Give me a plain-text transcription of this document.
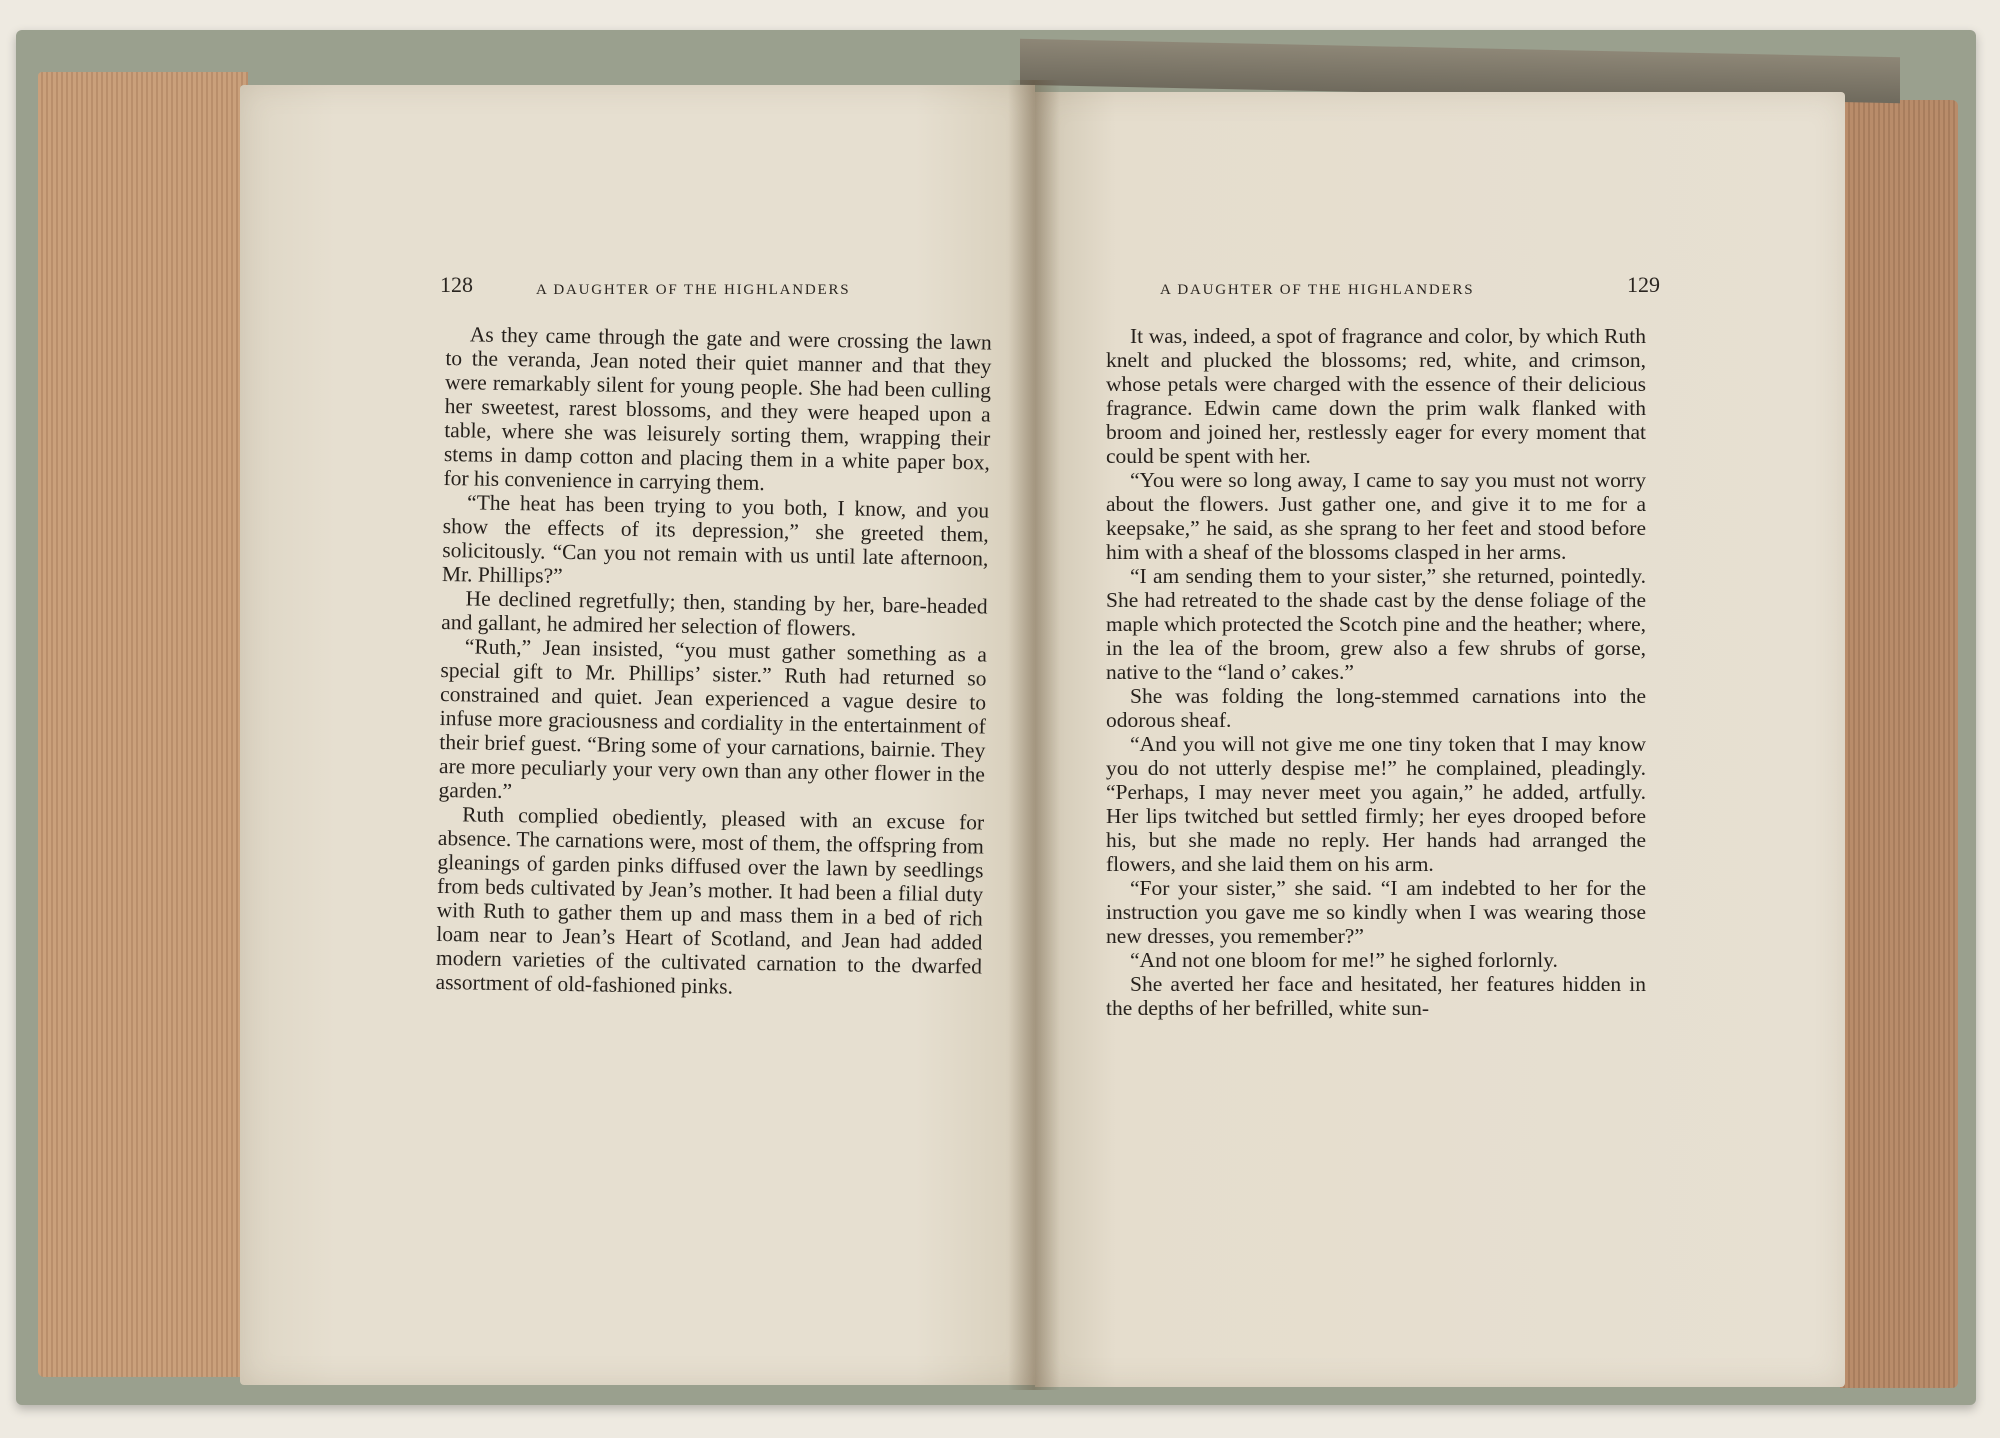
128	A DAUGHTER OF THE HIGHLANDERS	A DAUGHTER OF THE HIGHLANDERS	129

As they came through the gate and were crossing the lawn to the veranda, Jean noted their quiet manner and that they were remarkably silent for young people. She had been culling her sweetest, rarest blossoms, and they were heaped upon a table, where she was leisurely sorting them, wrapping their stems in damp cotton and placing them in a white paper box, for his convenience in carrying them.

“The heat has been trying to you both, I know, and you show the effects of its depression,” she greeted them, solicitously. “Can you not remain with us until late afternoon, Mr. Phillips?”

He declined regretfully; then, standing by her, bare-headed and gallant, he admired her selection of flowers.

“Ruth,” Jean insisted, “you must gather something as a special gift to Mr. Phillips’ sister.” Ruth had returned so constrained and quiet. Jean experienced a vague desire to infuse more graciousness and cordiality in the entertainment of their brief guest. “Bring some of your carnations, bairnie. They are more peculiarly your very own than any other flower in the garden.”

Ruth complied obediently, pleased with an excuse for absence. The carnations were, most of them, the offspring from gleanings of garden pinks diffused over the lawn by seedlings from beds cultivated by Jean’s mother. It had been a filial duty with Ruth to gather them up and mass them in a bed of rich loam near to Jean’s Heart of Scotland, and Jean had added modern varieties of the cultivated carnation to the dwarfed assortment of old-fashioned pinks.

It was, indeed, a spot of fragrance and color, by which Ruth knelt and plucked the blossoms; red, white, and crimson, whose petals were charged with the essence of their delicious fragrance. Edwin came down the prim walk flanked with broom and joined her, restlessly eager for every moment that could be spent with her.

“You were so long away, I came to say you must not worry about the flowers. Just gather one, and give it to me for a keepsake,” he said, as she sprang to her feet and stood before him with a sheaf of the blossoms clasped in her arms.

“I am sending them to your sister,” she returned, pointedly. She had retreated to the shade cast by the dense foliage of the maple which protected the Scotch pine and the heather; where, in the lea of the broom, grew also a few shrubs of gorse, native to the “land o’ cakes.”

She was folding the long-stemmed carnations into the odorous sheaf.

“And you will not give me one tiny token that I may know you do not utterly despise me!” he complained, pleadingly. “Perhaps, I may never meet you again,” he added, artfully. Her lips twitched but settled firmly; her eyes drooped before his, but she made no reply. Her hands had arranged the flowers, and she laid them on his arm.

“For your sister,” she said. “I am indebted to her for the instruction you gave me so kindly when I was wearing those new dresses, you remember?”

“And not one bloom for me!” he sighed forlornly.

She averted her face and hesitated, her features hidden in the depths of her befrilled, white sun-
